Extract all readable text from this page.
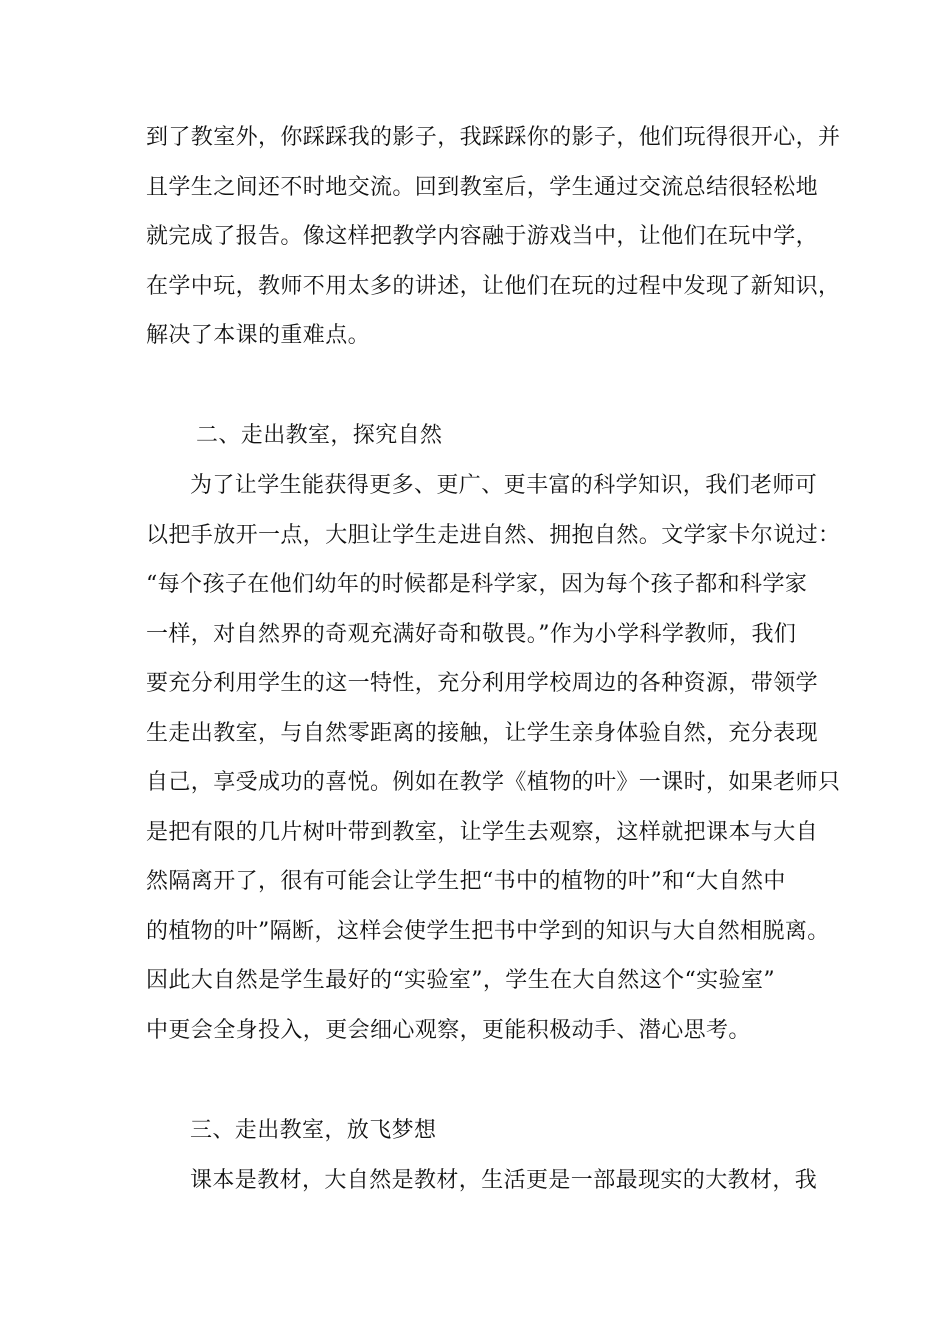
到了教室外，你踩踩我的影子，我踩踩你的影子，他们玩得很开心，并
且学生之间还不时地交流。回到教室后，学生通过交流总结很轻松地
就完成了报告。像这样把教学内容融于游戏当中，让他们在玩中学，
在学中玩，教师不用太多的讲述，让他们在玩的过程中发现了新知识，
解决了本课的重难点。
二、走出教室，探究自然
为了让学生能获得更多、更广、更丰富的科学知识，我们老师可
以把手放开一点，大胆让学生走进自然、拥抱自然。文学家卡尔说过：
“每个孩子在他们幼年的时候都是科学家，因为每个孩子都和科学家
一样，对自然界的奇观充满好奇和敬畏。”作为小学科学教师，我们
要充分利用学生的这一特性，充分利用学校周边的各种资源，带领学
生走出教室，与自然零距离的接触，让学生亲身体验自然，充分表现
自己，享受成功的喜悦。例如在教学《植物的叶》一课时，如果老师只
是把有限的几片树叶带到教室，让学生去观察，这样就把课本与大自
然隔离开了，很有可能会让学生把“书中的植物的叶”和“大自然中
的植物的叶”隔断，这样会使学生把书中学到的知识与大自然相脱离。
因此大自然是学生最好的“实验室”，学生在大自然这个“实验室”
中更会全身投入，更会细心观察，更能积极动手、潜心思考。
三、走出教室，放飞梦想
课本是教材，大自然是教材，生活更是一部最现实的大教材，我
